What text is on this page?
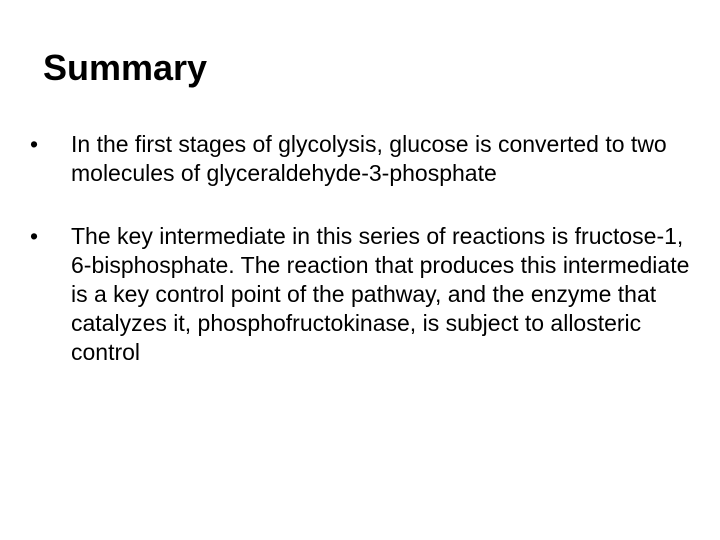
Summary
• In the first stages of glycolysis, glucose is converted to two molecules of glyceraldehyde-3-phosphate
• The key intermediate in this series of reactions is fructose-1, 6-bisphosphate. The reaction that produces this intermediate is a key control point of the pathway, and the enzyme that catalyzes it, phosphofructokinase, is subject to allosteric control
